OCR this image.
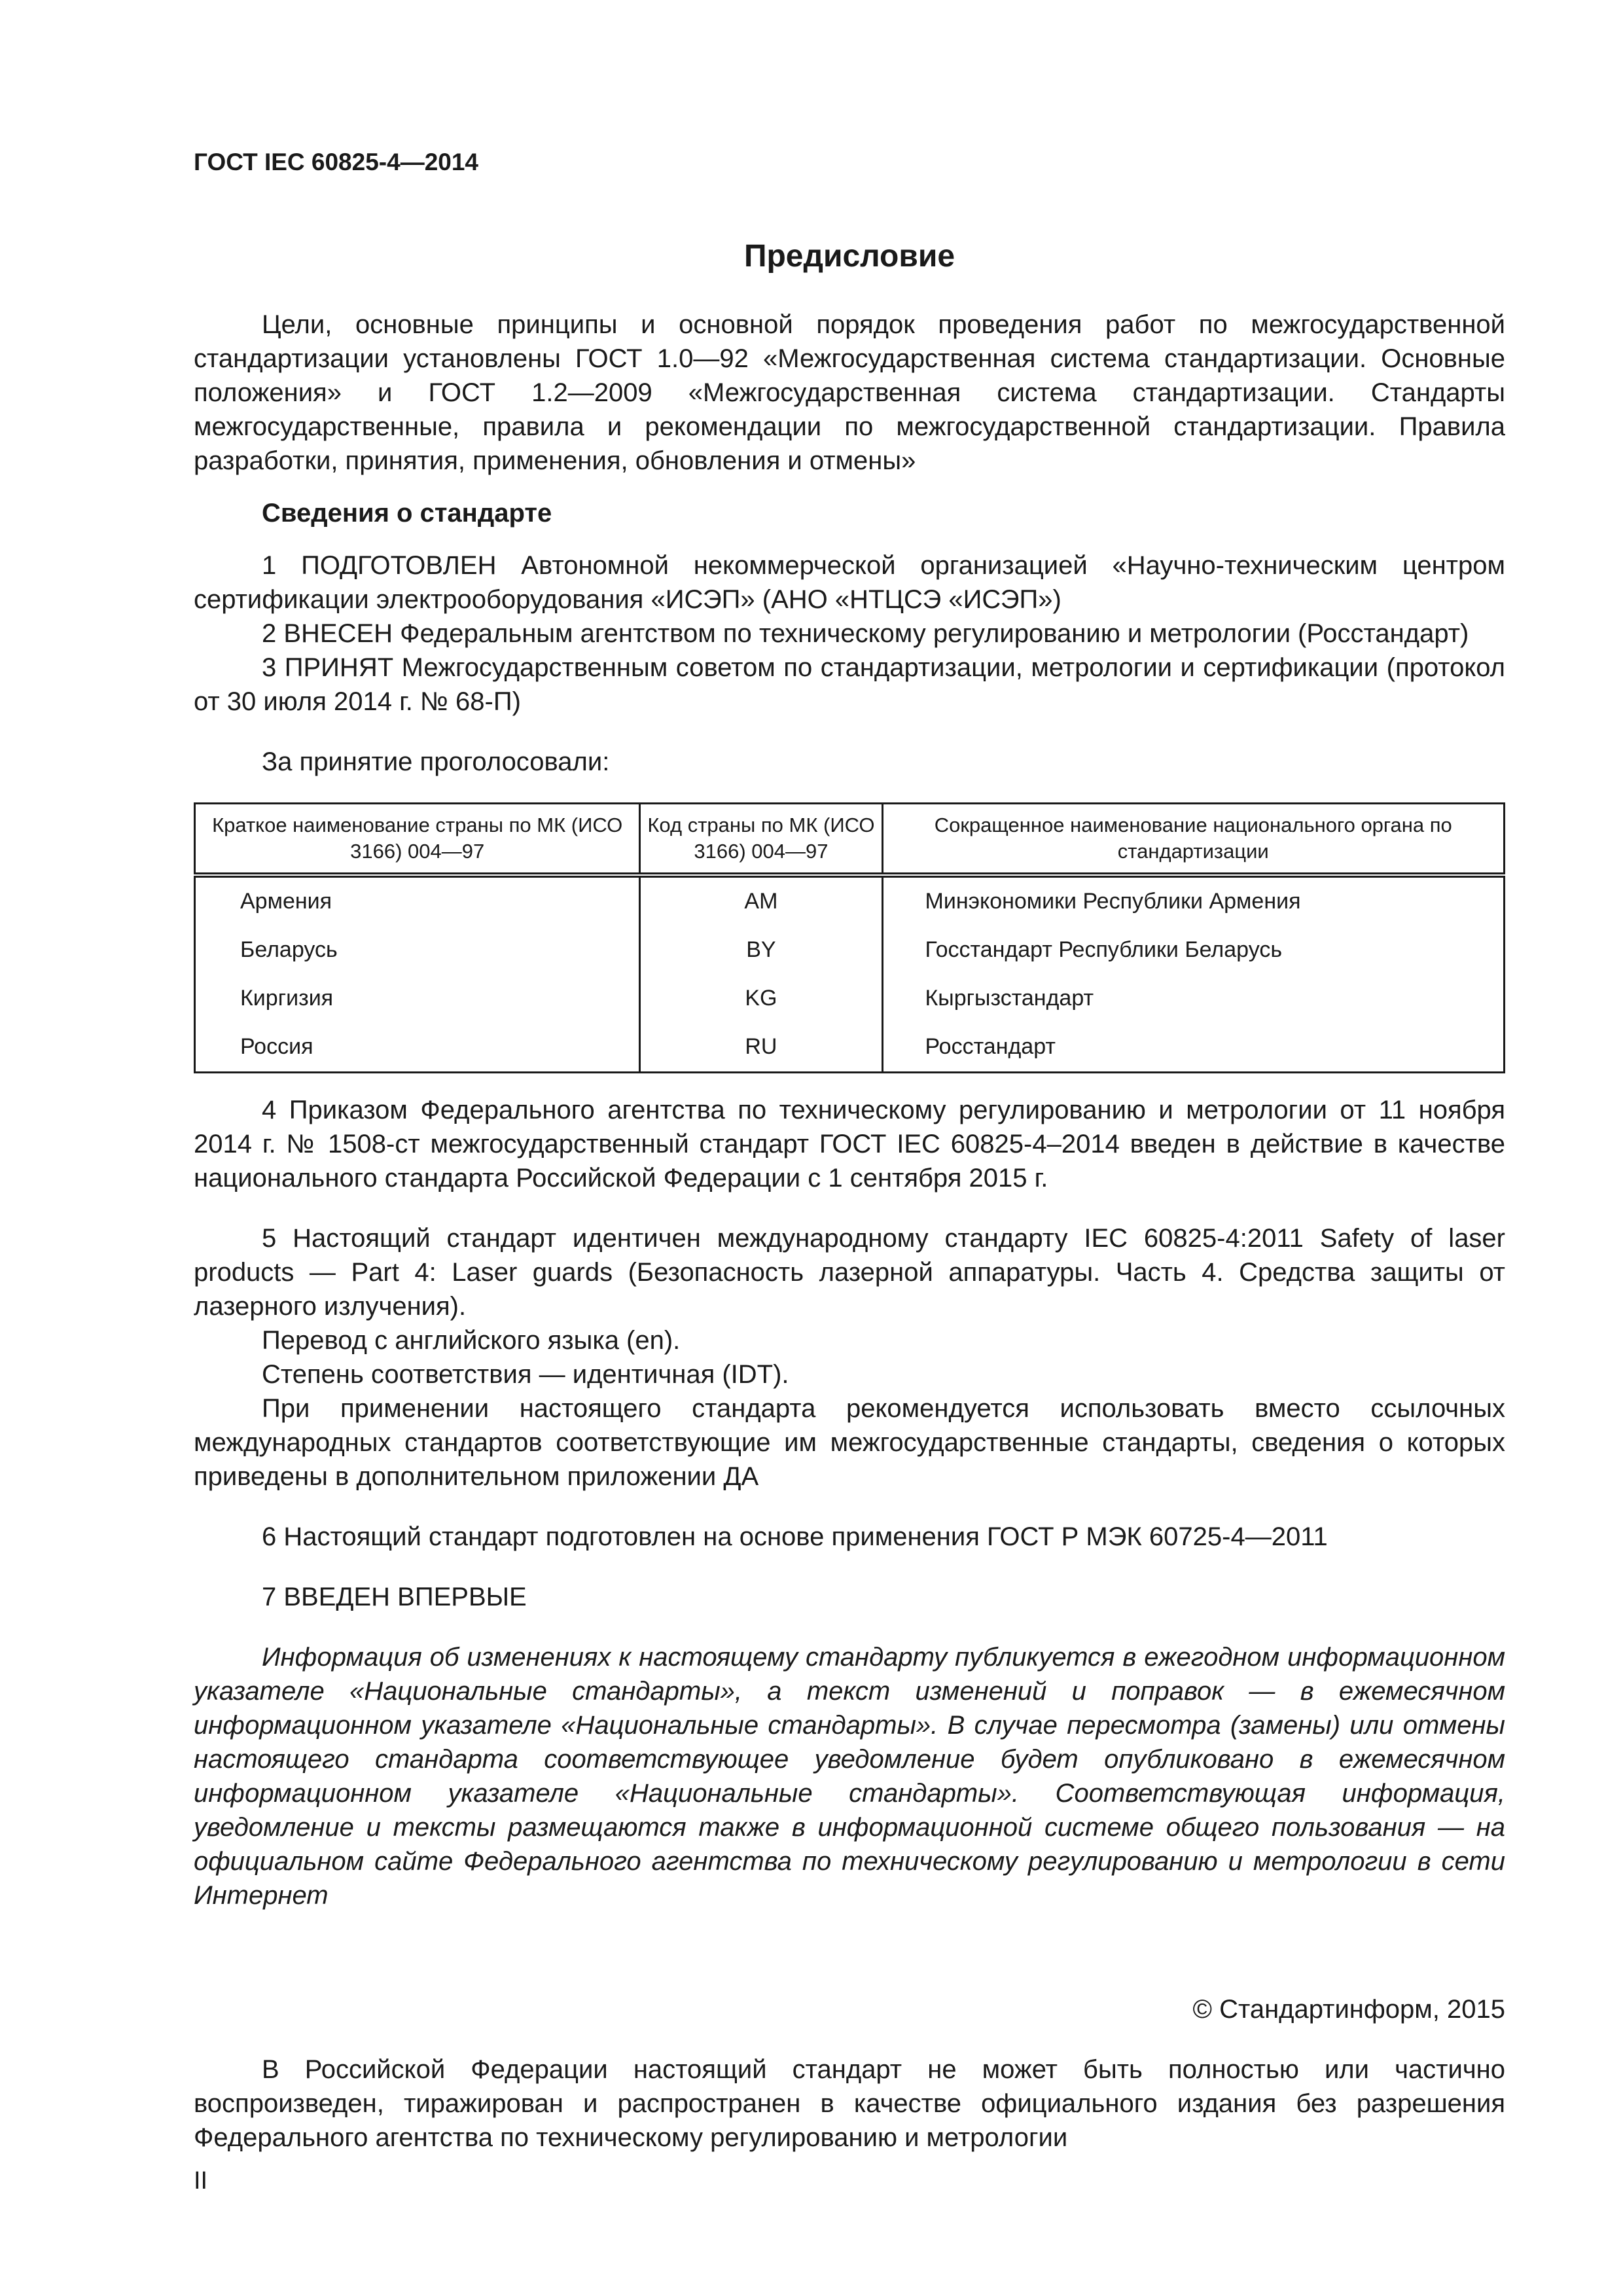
ГОСТ IEC 60825-4—2014
Предисловие

Цели, основные принципы и основной порядок проведения работ по межгосударственной стандартизации установлены ГОСТ 1.0—92 «Межгосударственная система стандартизации. Основные положения» и ГОСТ 1.2—2009 «Межгосударственная система стандартизации. Стандарты межгосударственные, правила и рекомендации по межгосударственной стандартизации. Правила разработки, принятия, применения, обновления и отмены»

Сведения о стандарте

1 ПОДГОТОВЛЕН Автономной некоммерческой организацией «Научно-техническим центром сертификации электрооборудования «ИСЭП» (АНО «НТЦСЭ «ИСЭП»)

2 ВНЕСЕН Федеральным агентством по техническому регулированию и метрологии (Росстандарт)

3 ПРИНЯТ Межгосударственным советом по стандартизации, метрологии и сертификации (протокол от 30 июля 2014 г. № 68-П)

За принятие проголосовали:

Краткое наименование страны по МК (ИСО 3166) 004—97	Код страны по МК (ИСО 3166) 004—97	Сокращенное наименование национального органа по стандартизации
Армения	AM	Минэкономики Республики Армения
Беларусь	BY	Госстандарт Республики Беларусь
Киргизия	KG	Кыргызстандарт
Россия	RU	Росстандарт

4 Приказом Федерального агентства по техническому регулированию и метрологии от 11 ноября 2014 г. № 1508-ст межгосударственный стандарт ГОСТ IEC 60825-4–2014 введен в действие в качестве национального стандарта Российской Федерации с 1 сентября 2015 г.

5 Настоящий стандарт идентичен международному стандарту IEC 60825-4:2011 Safety of laser products — Part 4: Laser guards (Безопасность лазерной аппаратуры. Часть 4. Средства защиты от лазерного излучения).

Перевод с английского языка (en).

Степень соответствия — идентичная (IDT).

При применении настоящего стандарта рекомендуется использовать вместо ссылочных международных стандартов соответствующие им межгосударственные стандарты, сведения о которых приведены в дополнительном приложении ДА

6 Настоящий стандарт подготовлен на основе применения ГОСТ Р МЭК 60725-4—2011

7 ВВЕДЕН ВПЕРВЫЕ

Информация об изменениях к настоящему стандарту публикуется в ежегодном информационном указателе «Национальные стандарты», а текст изменений и поправок — в ежемесячном информационном указателе «Национальные стандарты». В случае пересмотра (замены) или отмены настоящего стандарта соответствующее уведомление будет опубликовано в ежемесячном информационном указателе «Национальные стандарты». Соответствующая информация, уведомление и тексты размещаются также в информационной системе общего пользования — на официальном сайте Федерального агентства по техническому регулированию и метрологии в сети Интернет

© Стандартинформ, 2015

В Российской Федерации настоящий стандарт не может быть полностью или частично воспроизведен, тиражирован и распространен в качестве официального издания без разрешения Федерального агентства по техническому регулированию и метрологии

II
